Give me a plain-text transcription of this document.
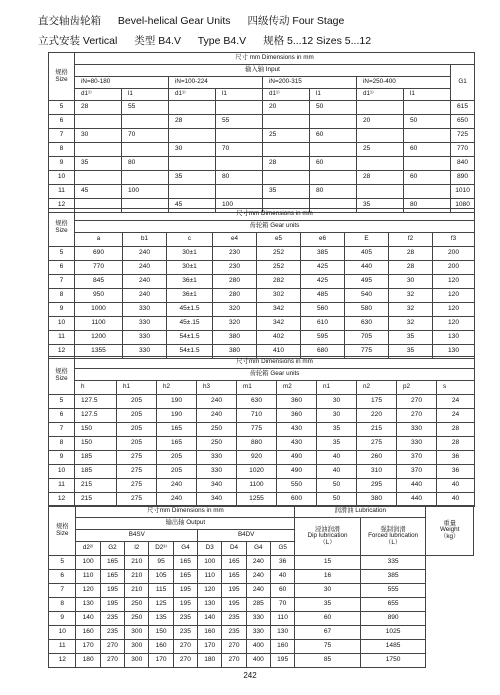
直交轴齿轮箱 Bevel-helical Gear Units 四级传动 Four Stage
立式安装 Vertical 类型 B4.V Type B4.V 规格 5...12 Sizes 5...12
规格
Size	尺寸 mm Dimensions in mm								
	输入轴 Input								G1
	iN=80-180		iN=100-224		iN=200-315		iN=250-400		
	d1¹⁾	l1	d1¹⁾	l1	d1¹⁾	l1	d1¹⁾	l1	
5	28	55			20	50			615
6			28	55			20	50	650
7	30	70			25	60			725
8			30	70			25	60	770
9	35	80			28	60			840
10			35	80			28	60	890
11	45	100			35	80			1010
12			45	100			35	80	1080
规格
Size	尺寸mm Dimensions in mm								
	齿轮箱 Gear units								
	a	b1	c	e4	e5	e6	E	f2	f3
5	690	240	30±1	230	252	385	405	28	200
6	770	240	30±1	230	252	425	440	28	200
7	845	240	36±1	280	282	425	495	30	120
8	950	240	36±1	280	302	485	540	32	120
9	1000	330	45±1.5	320	342	560	580	32	120
10	1100	330	45±.15	320	342	610	630	32	120
11	1200	330	54±1.5	380	402	595	705	35	130
12	1355	330	54±1.5	380	410	680	775	35	130
规格
Size	尺寸mm Dimensions in mm									
	齿轮箱 Gear units									
	h	h1	h2	h3	m1	m2	n1	n2	p2	s
5	127.5	205	190	240	630	360	30	175	270	24
6	127.5	205	190	240	710	360	30	220	270	24
7	150	205	165	250	775	430	35	215	330	28
8	150	205	165	250	880	430	35	275	330	28
9	185	275	205	330	920	490	40	260	370	36
10	185	275	205	330	1020	490	40	310	370	36
11	215	275	240	340	1100	550	50	295	440	40
12	215	275	240	340	1255	600	50	380	440	40
规格
Size	尺寸mm Dimensions in mm									润滑油 Lubrication		重量
Weight
（kg）
	输出轴 Output									浸油润滑
Dip lubrication
（L）	强制润滑
Forced lubrication
（L）	
	B4SV					B4DV						
	d2²⁾	G2	l2	D2³⁾	G4	D3	D4	G4	G5			
5	100	165	210	95	165	100	165	240	36	15	335	
6	110	165	210	105	165	110	165	240	40	16	385	
7	120	195	210	115	195	120	195	240	60	30	555	
8	130	195	250	125	195	130	195	285	70	35	655	
9	140	235	250	135	235	140	235	330	110	60	890	
10	160	235	300	150	235	160	235	330	130	67	1025	
11	170	270	300	160	270	170	270	400	160	75	1485	
12	180	270	300	170	270	180	270	400	195	85	1750	
242
